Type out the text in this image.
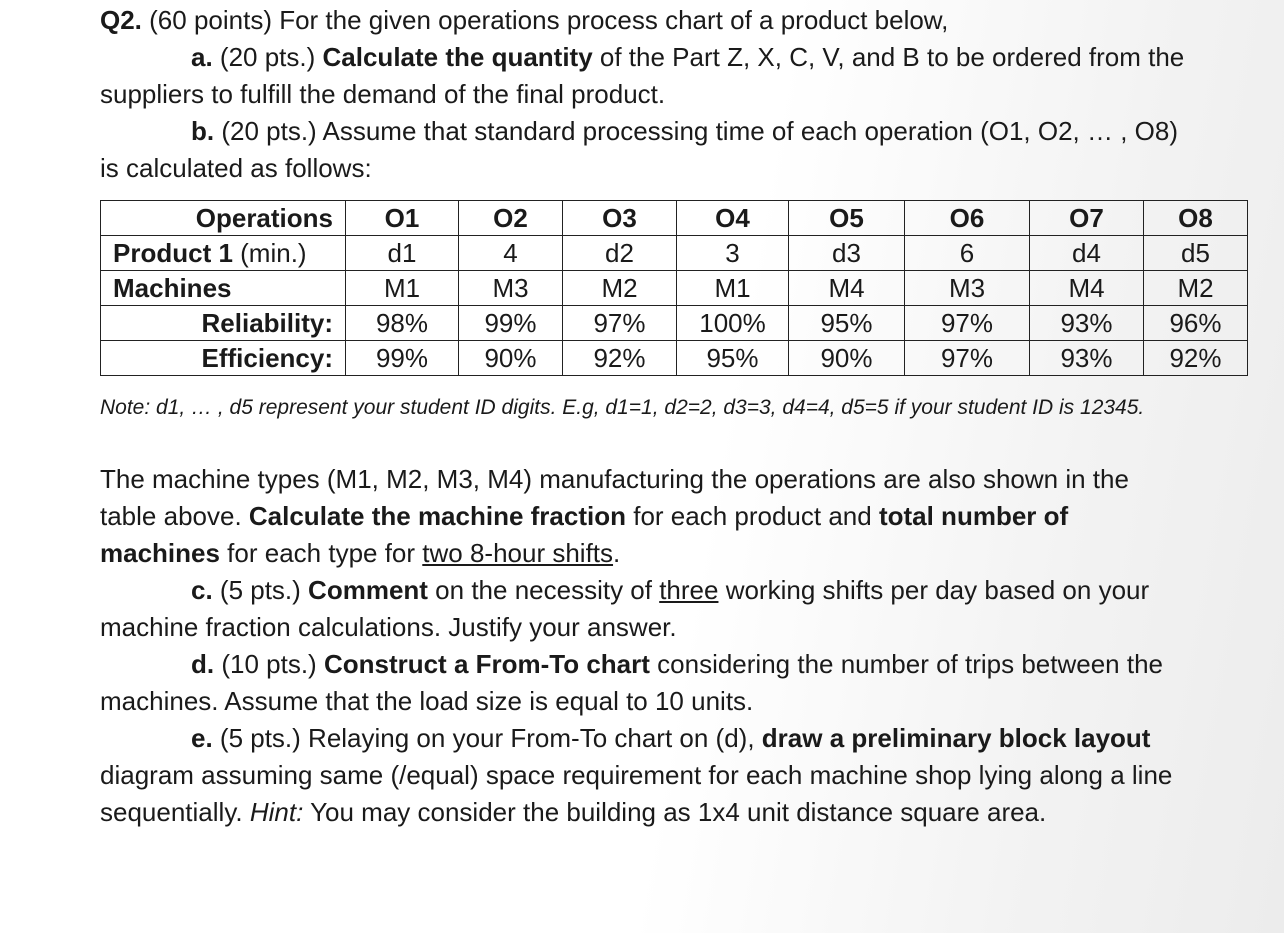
Q2. (60 points) For the given operations process chart of a product below,
a. (20 pts.) Calculate the quantity of the Part Z, X, C, V, and B to be ordered from the
suppliers to fulfill the demand of the final product.
b. (20 pts.) Assume that standard processing time of each operation (O1, O2, … , O8)
is calculated as follows:
Operations	O1	O2	O3	O4	O5	O6	O7	O8
Product 1 (min.)	d1	4	d2	3	d3	6	d4	d5
Machines	M1	M3	M2	M1	M4	M3	M4	M2
Reliability:	98%	99%	97%	100%	95%	97%	93%	96%
Efficiency:	99%	90%	92%	95%	90%	97%	93%	92%
Note: d1, … , d5 represent your student ID digits. E.g, d1=1, d2=2, d3=3, d4=4, d5=5 if your student ID is 12345.
The machine types (M1, M2, M3, M4) manufacturing the operations are also shown in the
table above. Calculate the machine fraction for each product and total number of
machines for each type for two 8-hour shifts.
c. (5 pts.) Comment on the necessity of three working shifts per day based on your
machine fraction calculations. Justify your answer.
d. (10 pts.) Construct a From-To chart considering the number of trips between the
machines. Assume that the load size is equal to 10 units.
e. (5 pts.) Relaying on your From-To chart on (d), draw a preliminary block layout
diagram assuming same (/equal) space requirement for each machine shop lying along a line
sequentially. Hint: You may consider the building as 1x4 unit distance square area.
